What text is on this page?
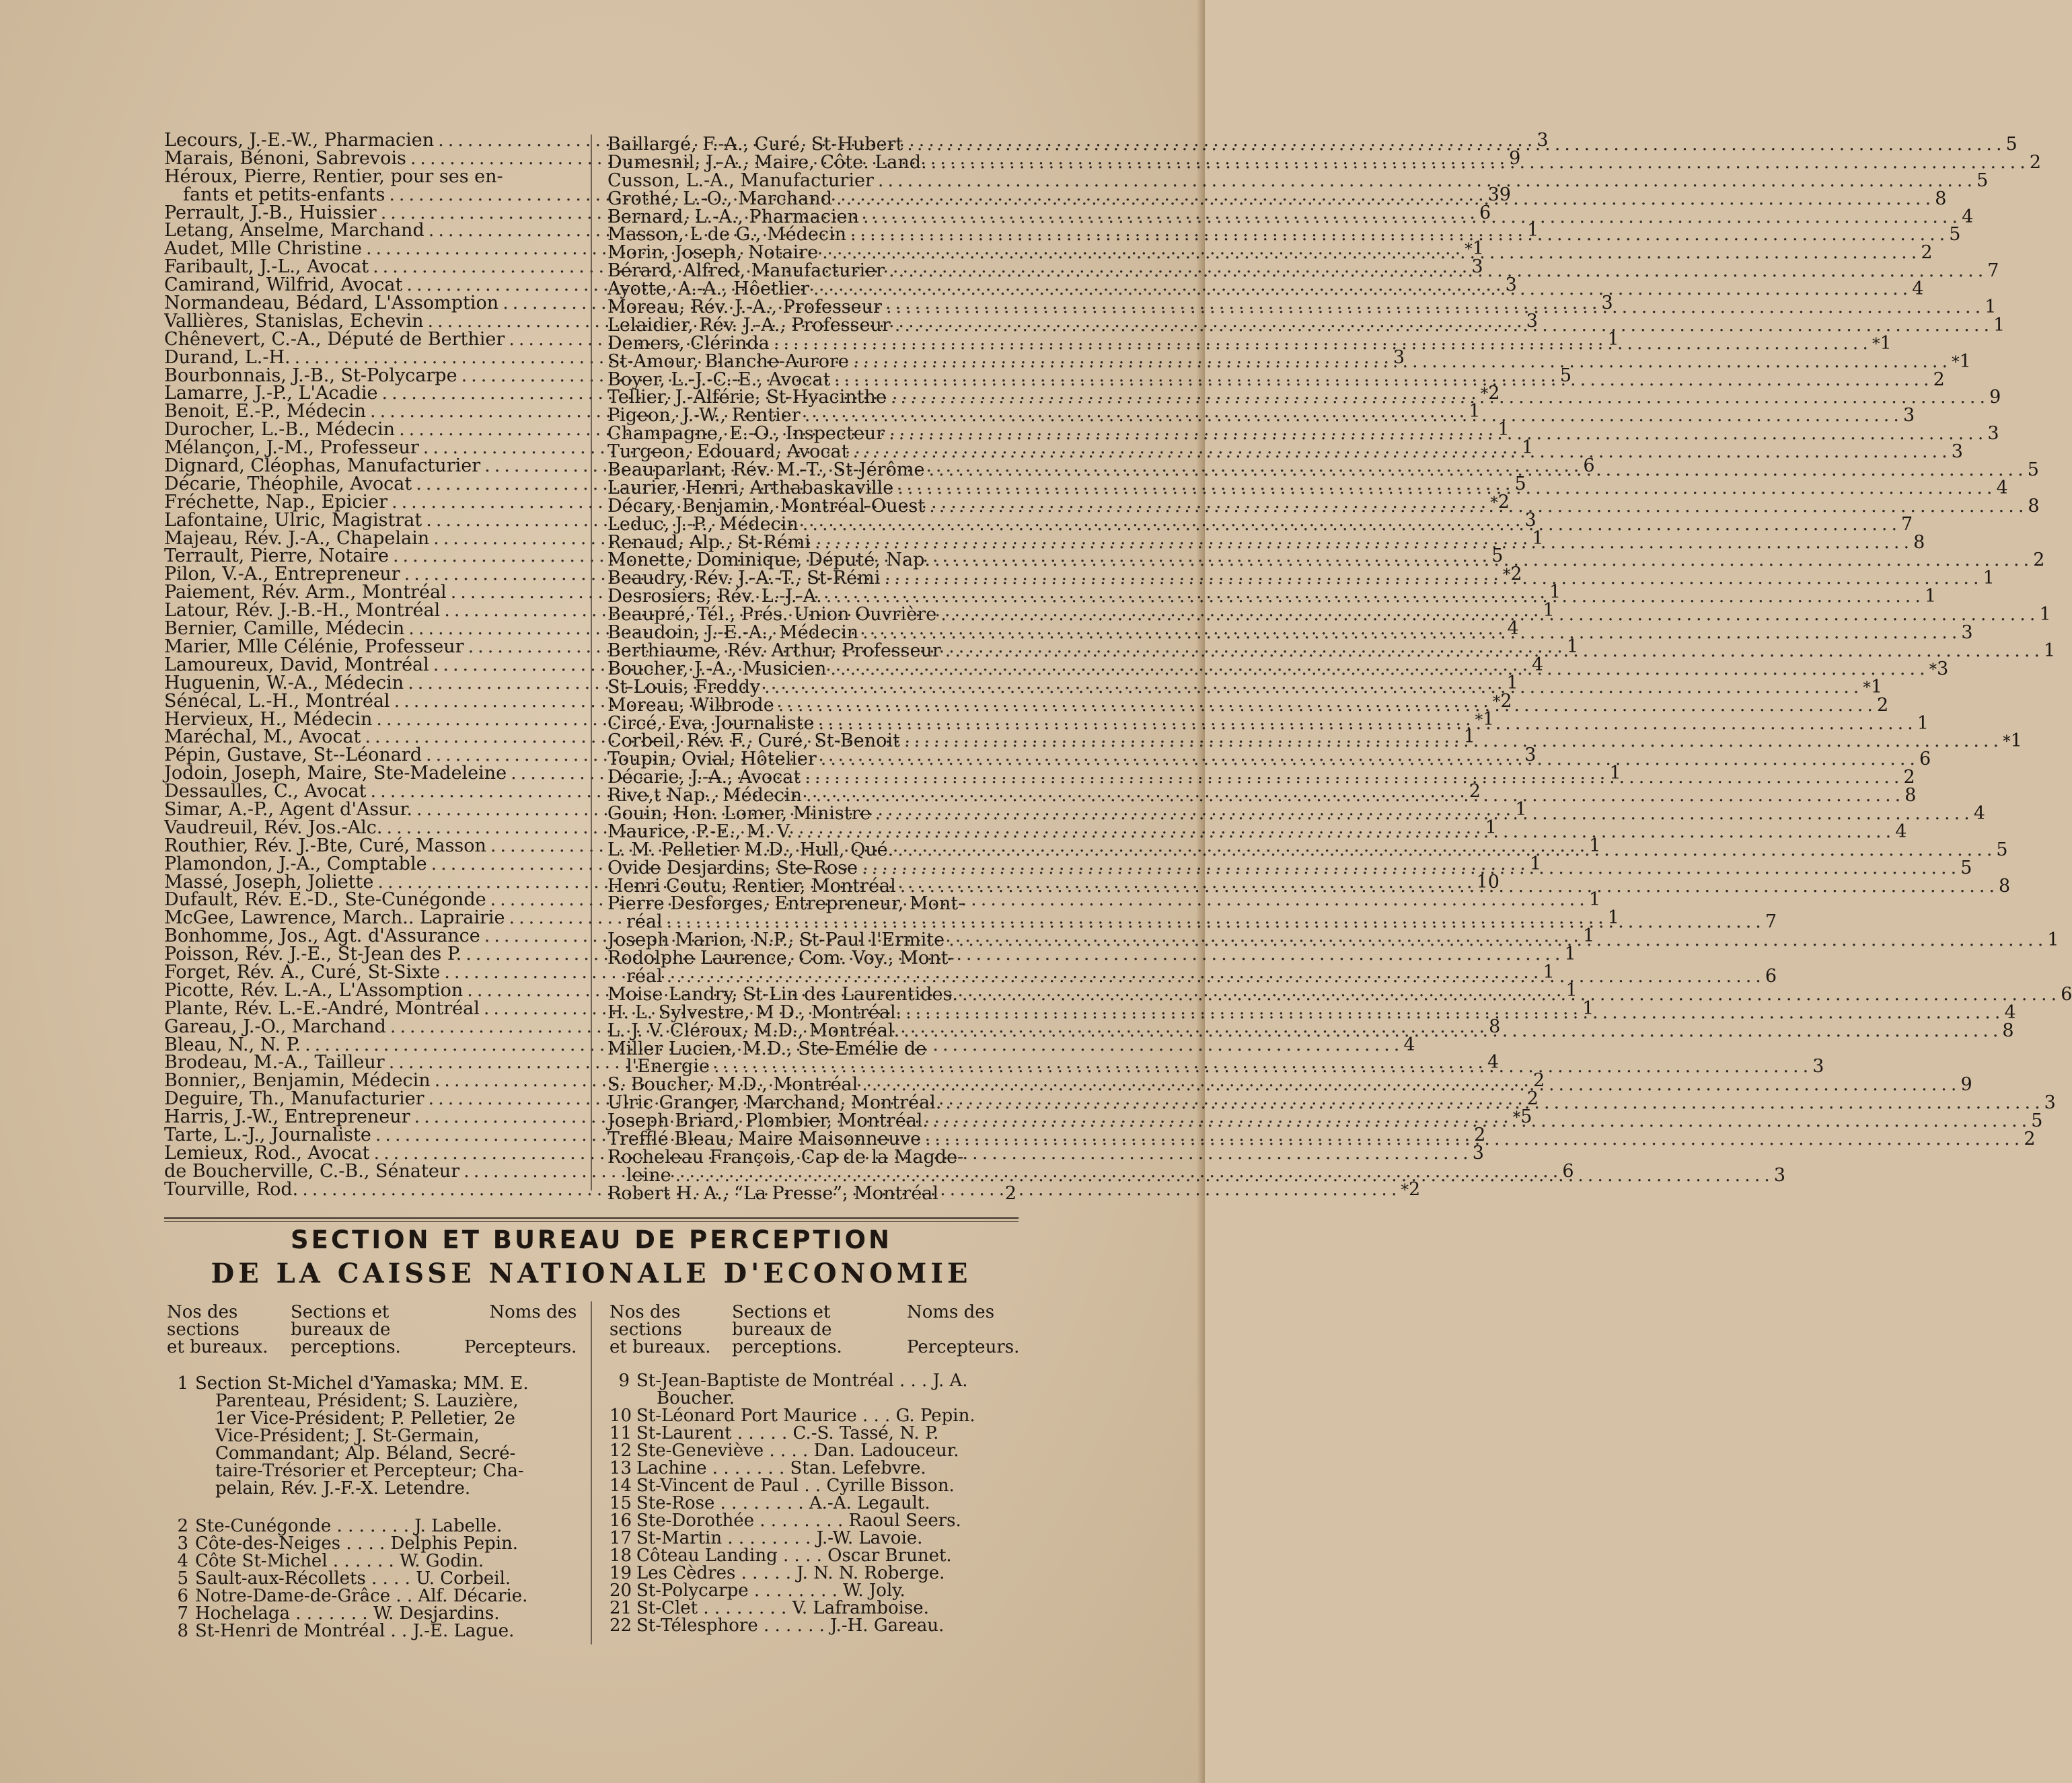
Lecours, J.-E.-W., Pharmacien .....	3
Marais, Bénoni, Sabrevois .....	9
Héroux, Pierre, Rentier, pour ses en-
fants et petits-enfants .....	39
Perrault, J.-B., Huissier .....	6
Letang, Anselme, Marchand .....	1
Audet, Mlle Christine .....	* 1
Faribault, J.-L., Avocat .....	3
Camirand, Wilfrid, Avocat .....	3
Normandeau, Bédard, L'Assomption .....	3
Vallières, Stanislas, Echevin .....	3
Chênevert, C.-A., Député de Berthier .....	1
Durand, L.-H. .....	3
Bourbonnais, J.-B., St-Polycarpe .....	5
Lamarre, J.-P., L'Acadie .....	* 2
Benoit, E.-P., Médecin .....	1
Durocher, L.-B., Médecin .....	1
Mélançon, J.-M., Professeur .....	1
Dignard, Cléophas, Manufacturier .....	6
Décarie, Théophile, Avocat .....	5
Fréchette, Nap., Epicier .....	* 2
Lafontaine, Ulric, Magistrat .....	3
Majeau, Rév. J.-A., Chapelain .....	1
Terrault, Pierre, Notaire .....	5
Pilon, V.-A., Entrepreneur .....	* 2
Paiement, Rév. Arm., Montréal .....	1
Latour, Rév. J.-B.-H., Montréal .....	1
Bernier, Camille, Médecin .....	4
Marier, Mlle Célénie, Professeur .....	1
Lamoureux, David, Montréal .....	4
Huguenin, W.-A., Médecin .....	1
Sénécal, L.-H., Montréal .....	* 2
Hervieux, H., Médecin .....	* 1
Maréchal, M., Avocat .....	1
Pépin, Gustave, St--Léonard .....	3
Jodoin, Joseph, Maire, Ste-Madeleine .....	1
Dessaulles, C., Avocat .....	2
Simar, A.-P., Agent d'Assur. .....	1
Vaudreuil, Rév. Jos.-Alc. .....	1
Routhier, Rév. J.-Bte, Curé, Masson .....	1
Plamondon, J.-A., Comptable .....	1
Massé, Joseph, Joliette .....	10
Dufault, Rév. E.-D., Ste-Cunégonde .....	1
McGee, Lawrence, March.. Laprairie .....	1
Bonhomme, Jos., Agt. d'Assurance .....	1
Poisson, Rév. J.-E., St-Jean des P. .....	1
Forget, Rév. A., Curé, St-Sixte .....	1
Picotte, Rév. L.-A., L'Assomption .....	1
Plante, Rév. L.-E.-André, Montréal .....	1
Gareau, J.-O., Marchand .....	8
Bleau, N., N. P. .....	4
Brodeau, M.-A., Tailleur .....	4
Bonnier,, Benjamin, Médecin .....	2
Deguire, Th., Manufacturier .....	2
Harris, J.-W., Entrepreneur .....	* 5
Tarte, L.-J., Journaliste .....	2
Lemieux, Rod., Avocat .....	3
de Boucherville, C.-B., Sénateur .....	6
Tourville, Rod. .....	* 2
Baillargé, F.-A., Curé, St-Hubert .....	5
Dumesnil, J.-A., Maire, Côte. Land. .....	2
Cusson, L.-A., Manufacturier .....	5
Grothé, L.-O., Marchand .....	8
Bernard, L.-A., Pharmacien .....	4
Masson, L de G., Médecin .....	5
Morin, Joseph, Notaire .....	2
Bérard, Alfred, Manufacturier .....	7
Ayotte, A.-A., Hôetlier .....	4
Moreau, Rév. J.-A., Professeur .....	1
Lelaidier, Rév. J.-A., Professeur .....	1
Demers, Clérinda .....	* 1
St-Amour, Blanche-Aurore .....	* 1
Boyer, L.-J.-C.-E., Avocat .....	2
Tellier, J.-Alférie, St-Hyacinthe .....	9
Pigeon, J.-W., Rentier .....	3
Champagne, E.-O., Inspecteur .....	3
Turgeon, Edouard, Avocat .....	3
Beauparlant, Rév. M.-T., St-Jérôme .....	5
Laurier, Henri, Arthabaskaville .....	4
Décary, Benjamin, Montréal-Ouest .....	8
Leduc, J.-P., Médecin .....	7
Renaud, Alp., St-Rémi .....	8
Monette, Dominique, Député, Nap. .....	2
Beaudry, Rév. J.-A.-T., St-Rémi .....	1
Desrosiers, Rév. L.-J.-A. .....	1
Beaupré, Tél., Prés. Union Ouvrière .....	1
Beaudoin, J.-E.-A., Médecin .....	3
Berthiaume, Rév. Arthur, Professeur .....	1
Boucher, J.-A., Musicien .....	* 3
St-Louis, Freddy .....	* 1
Moreau, Wilbrode .....	2
Circé, Eva, Journaliste .....	1
Corbeil, Rév. F., Curé, St-Benoit .....	* 1
Toupin, Ovial, Hôtelier .....	6
Décarie, J.-A., Avocat .....	2
Rive,t Nap., Médecin .....	8
Gouin, Hon. Lomer, Ministre .....	4
Maurice, P.-E., M. V. .....	4
L. M. Pelletier M.D., Hull, Qué. .....	5
Ovide Desjardins, Ste-Rose .....	5
Henri Coutu, Rentier, Montréal .....	8
Pierre Desforges, Entrepreneur, Mont-
réal .....	7
Joseph Marion, N.P., St-Paul l'Ermite .....	1
Rodolphe Laurence, Com. Voy., Mont-
réal .....	6
Moise Landry, St-Lin des Laurentides. .....	6
H. L. Sylvestre, M D., Montréal. .....	4
L. J. V. Cléroux, M.D., Montréal. .....	8
Miller Lucien, M.D., Ste-Emélie de
l'Energie .....	3
S. Boucher, M.D., Montréal .....	9
Ulric Granger, Marchand, Montréal. .....	3
Joseph Briard, Plombier, Montréal. .....	5
Trefflé Bleau, Maire Maisonneuve .....	2
Rocheleau François, Cap de la Magde-
leine .....	3
Robert H. A., “La Presse”, Montréal	2
SECTION ET BUREAU DE PERCEPTION
DE LA CAISSE NATIONALE D'ECONOMIE
Nos des
sections
et bureaux.
Sections et
bureaux de
perceptions.
Noms des

Percepteurs.
Nos des
sections
et bureaux.
Sections et
bureaux de
perceptions.
Noms des

Percepteurs.
1 Section St-Michel d'Yamaska; MM. E.
Parenteau, Président; S. Lauzière,
1er Vice-Président; P. Pelletier, 2e
Vice-Président; J. St-Germain,
Commandant; Alp. Béland, Secré-
taire-Trésorier et Percepteur; Cha-
pelain, Rév. J.-F.-X. Letendre.
2 Ste-Cunégonde . . . . . . . J. Labelle.
3 Côte-des-Neiges . . . . Delphis Pepin.
4 Côte St-Michel . . . . . . W. Godin.
5 Sault-aux-Récollets . . . . U. Corbeil.
6 Notre-Dame-de-Grâce . . Alf. Décarie.
7 Hochelaga . . . . . . . W. Desjardins.
8 St-Henri de Montréal . . J.-E. Lague.
9 St-Jean-Baptiste de Montréal . . . J. A.
Boucher.
10 St-Léonard Port Maurice . . . G. Pepin.
11 St-Laurent . . . . . C.-S. Tassé, N. P.
12 Ste-Geneviève . . . . Dan. Ladouceur.
13 Lachine . . . . . . . Stan. Lefebvre.
14 St-Vincent de Paul . . Cyrille Bisson.
15 Ste-Rose . . . . . . . . A.-A. Legault.
16 Ste-Dorothée . . . . . . . . Raoul Seers.
17 St-Martin . . . . . . . . J.-W. Lavoie.
18 Côteau Landing . . . . Oscar Brunet.
19 Les Cèdres . . . . . J. N. N. Roberge.
20 St-Polycarpe . . . . . . . . W. Joly.
21 St-Clet . . . . . . . . V. Laframboise.
22 St-Télesphore . . . . . . J.-H. Gareau.
